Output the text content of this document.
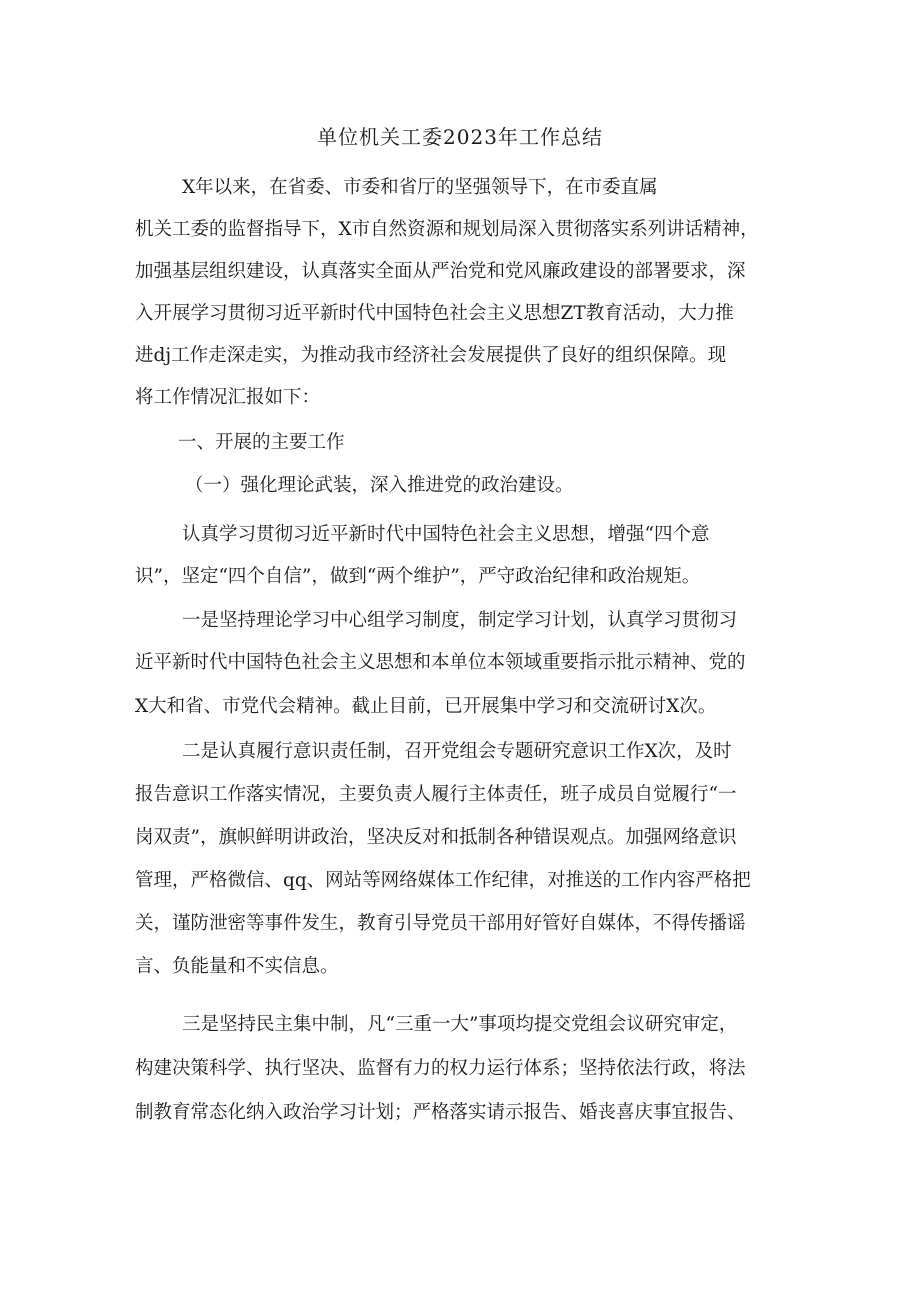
单位机关工委2023年工作总结
X年以来，在省委、市委和省厅的坚强领导下，在市委直属
机关工委的监督指导下，X市自然资源和规划局深入贯彻落实系列讲话精神，
加强基层组织建设，认真落实全面从严治党和党风廉政建设的部署要求，深
入开展学习贯彻习近平新时代中国特色社会主义思想ZT教育活动，大力推
进dj工作走深走实，为推动我市经济社会发展提供了良好的组织保障。现
将工作情况汇报如下：
一、开展的主要工作
（一）强化理论武装，深入推进党的政治建设。
认真学习贯彻习近平新时代中国特色社会主义思想，增强“四个意
识”，坚定“四个自信”，做到“两个维护”，严守政治纪律和政治规矩。
一是坚持理论学习中心组学习制度，制定学习计划，认真学习贯彻习
近平新时代中国特色社会主义思想和本单位本领域重要指示批示精神、党的
X大和省、市党代会精神。截止目前，已开展集中学习和交流研讨X次。
二是认真履行意识责任制，召开党组会专题研究意识工作X次，及时
报告意识工作落实情况，主要负责人履行主体责任，班子成员自觉履行“一
岗双责”，旗帜鲜明讲政治，坚决反对和抵制各种错误观点。加强网络意识
管理，严格微信、qq、网站等网络媒体工作纪律，对推送的工作内容严格把
关，谨防泄密等事件发生，教育引导党员干部用好管好自媒体，不得传播谣
言、负能量和不实信息。
三是坚持民主集中制，凡“三重一大”事项均提交党组会议研究审定，
构建决策科学、执行坚决、监督有力的权力运行体系；坚持依法行政，将法
制教育常态化纳入政治学习计划；严格落实请示报告、婚丧喜庆事宜报告、
